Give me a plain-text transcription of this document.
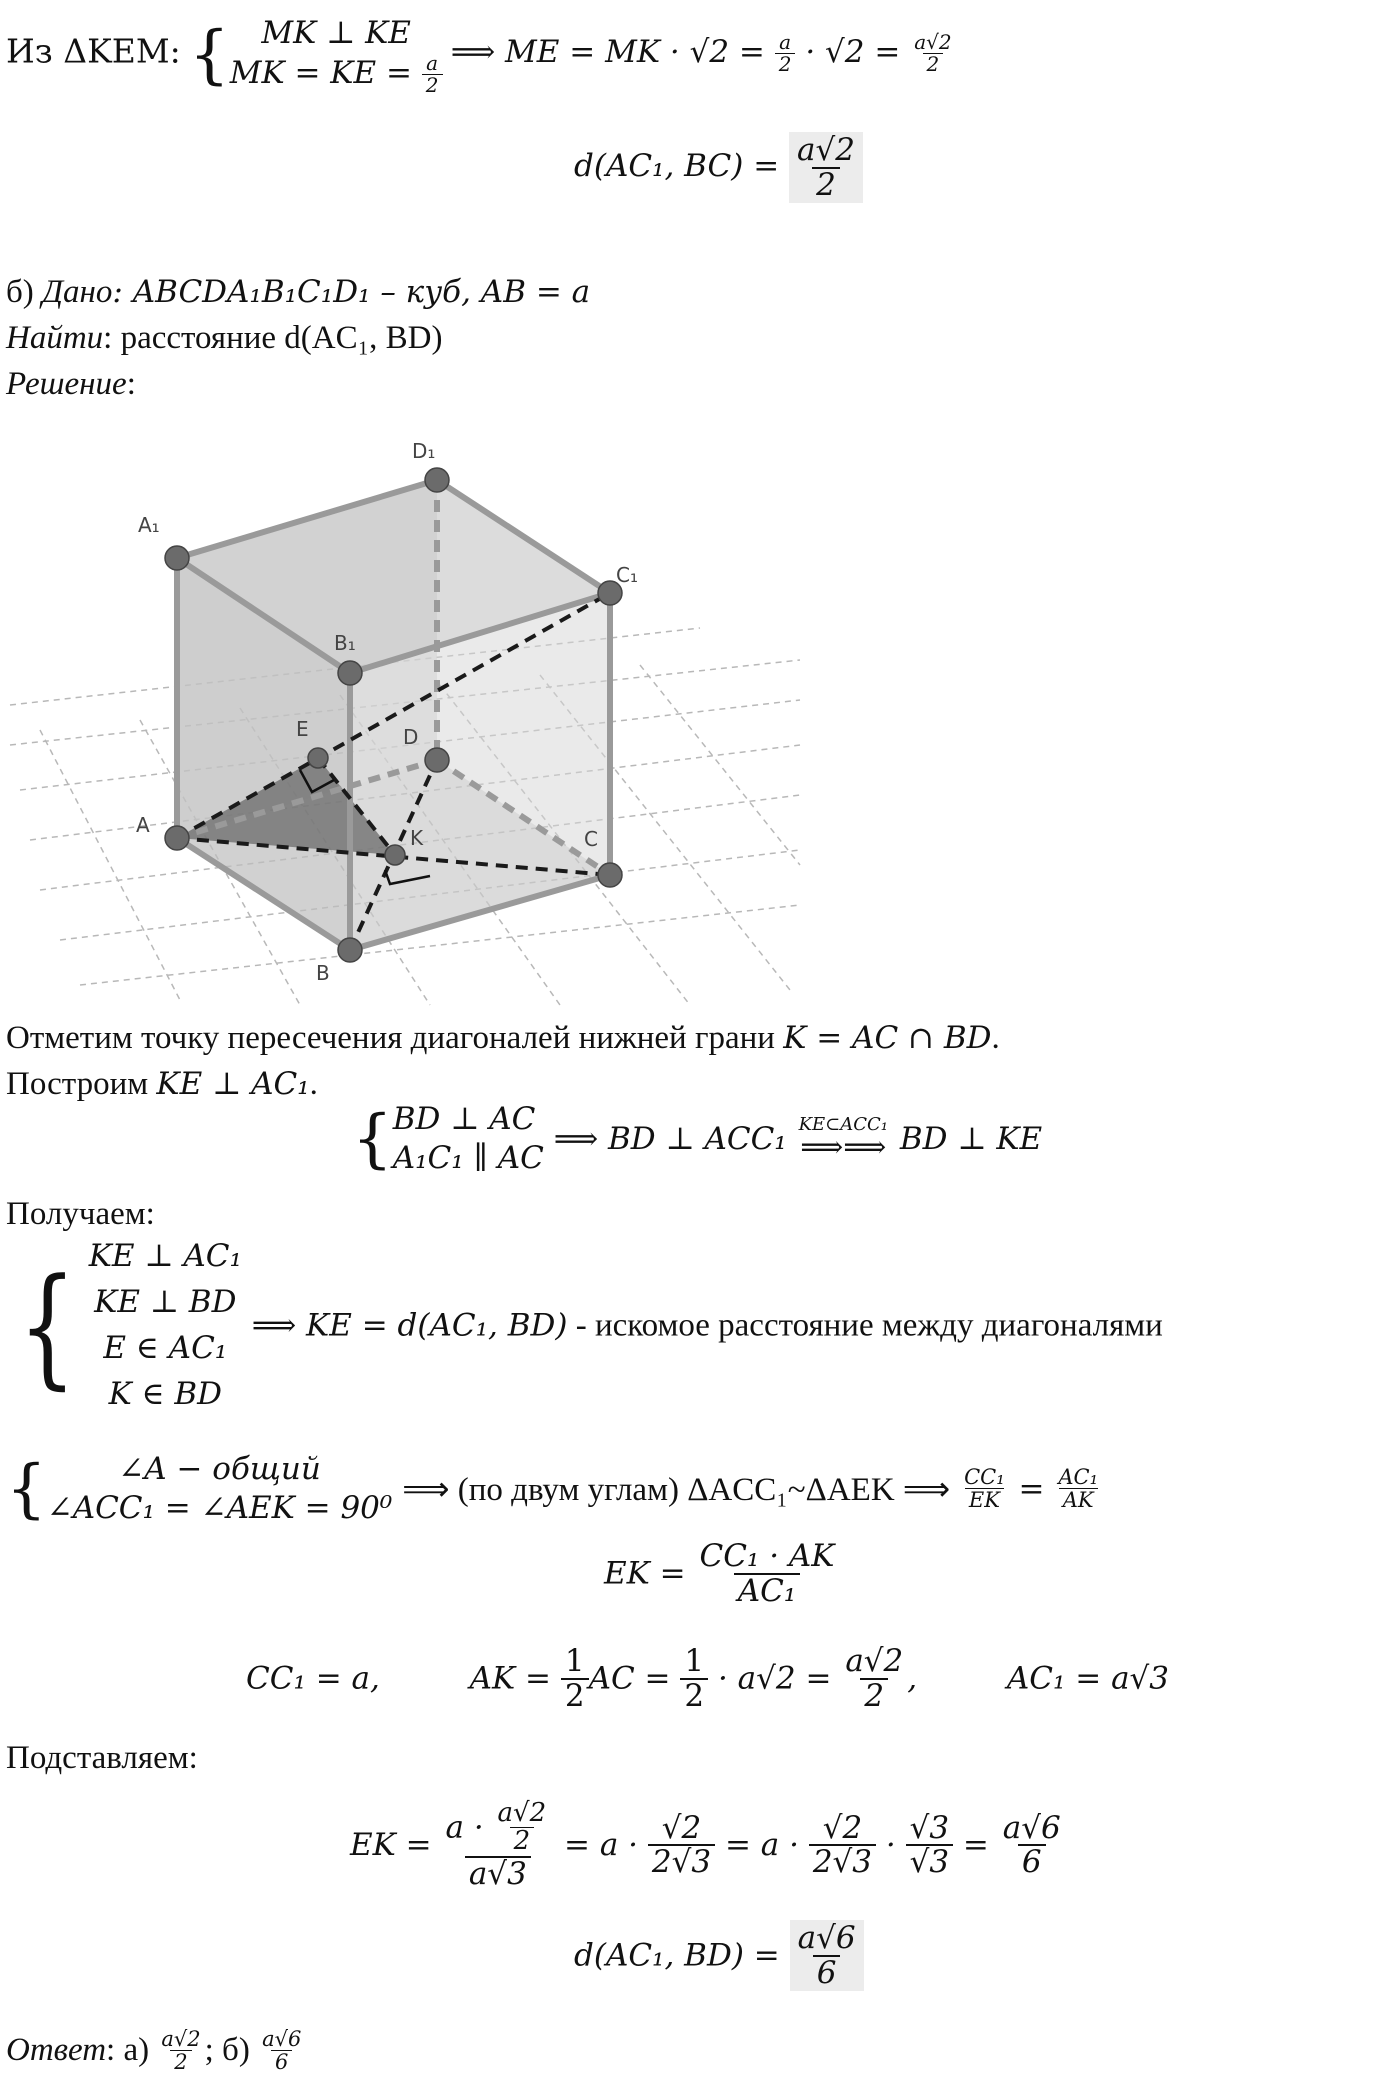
Из ΔKEM: {	MK ⊥ KE
MK = KE = $\frac{a}{2}$
⟹ ME = MK · $√2 = \frac{a}{2} \cdot √2 = \frac{a√2}{2}$
d(AC₁, $BC) = \frac{a√2}{2}$
б) Дано: ABCDA₁B₁C₁D₁ – куб, AB = a
Найти: расстояние d(AC₁, BD)
Решение:
A₁
D₁
C₁
B₁
E	D
A
K	C
B
Отметим точку пересечения диагоналей нижней грани K = AC ∩ BD.
Построим KE ⊥ AC₁.
{ BD ⊥ AC
A₁C₁ ∥ AC
⟹ BD ⊥ ACC₁ KE⊂ACC₁
⟹⟹ BD ⊥ KE
Получаем:
{ KE ⊥ AC₁
KE ⊥ BD
E ∈ AC₁
K ∈ BD
⟹ KE = d(AC₁, BD) - искомое расстояние между диагоналями
{ ∠A − общий
∠ACC₁ = ∠AEK = 90⁰ ⟹ (по двум углам) ΔACC₁~ΔAEK ⟹ $\frac{\text{CC₁}}{EK} = \frac{\text{AC₁}}{AK}$
EK = $\frac{\text{CC₁ · AK}}{\text{AC₁}}$
CC₁ = a,	AK = $\frac{1}{2}$ AC = $\frac{1}{2} \cdot a√2 = \frac{a√2}{2}$ ,	AC₁ = a√3
Подставляем:
EK = $\frac{a \cdot \frac{a√2}{2}}{a√3} = a \cdot \frac{√2}{2√3} = a \cdot \frac{√2}{2√3} \cdot \frac{√3}{√3} = \frac{a√6}{6}$
d(AC₁, $BD) = \frac{a√6}{6}$
Ответ: $а) \frac{a√2}{2}$ ; $б) \frac{a√6}{6}$
